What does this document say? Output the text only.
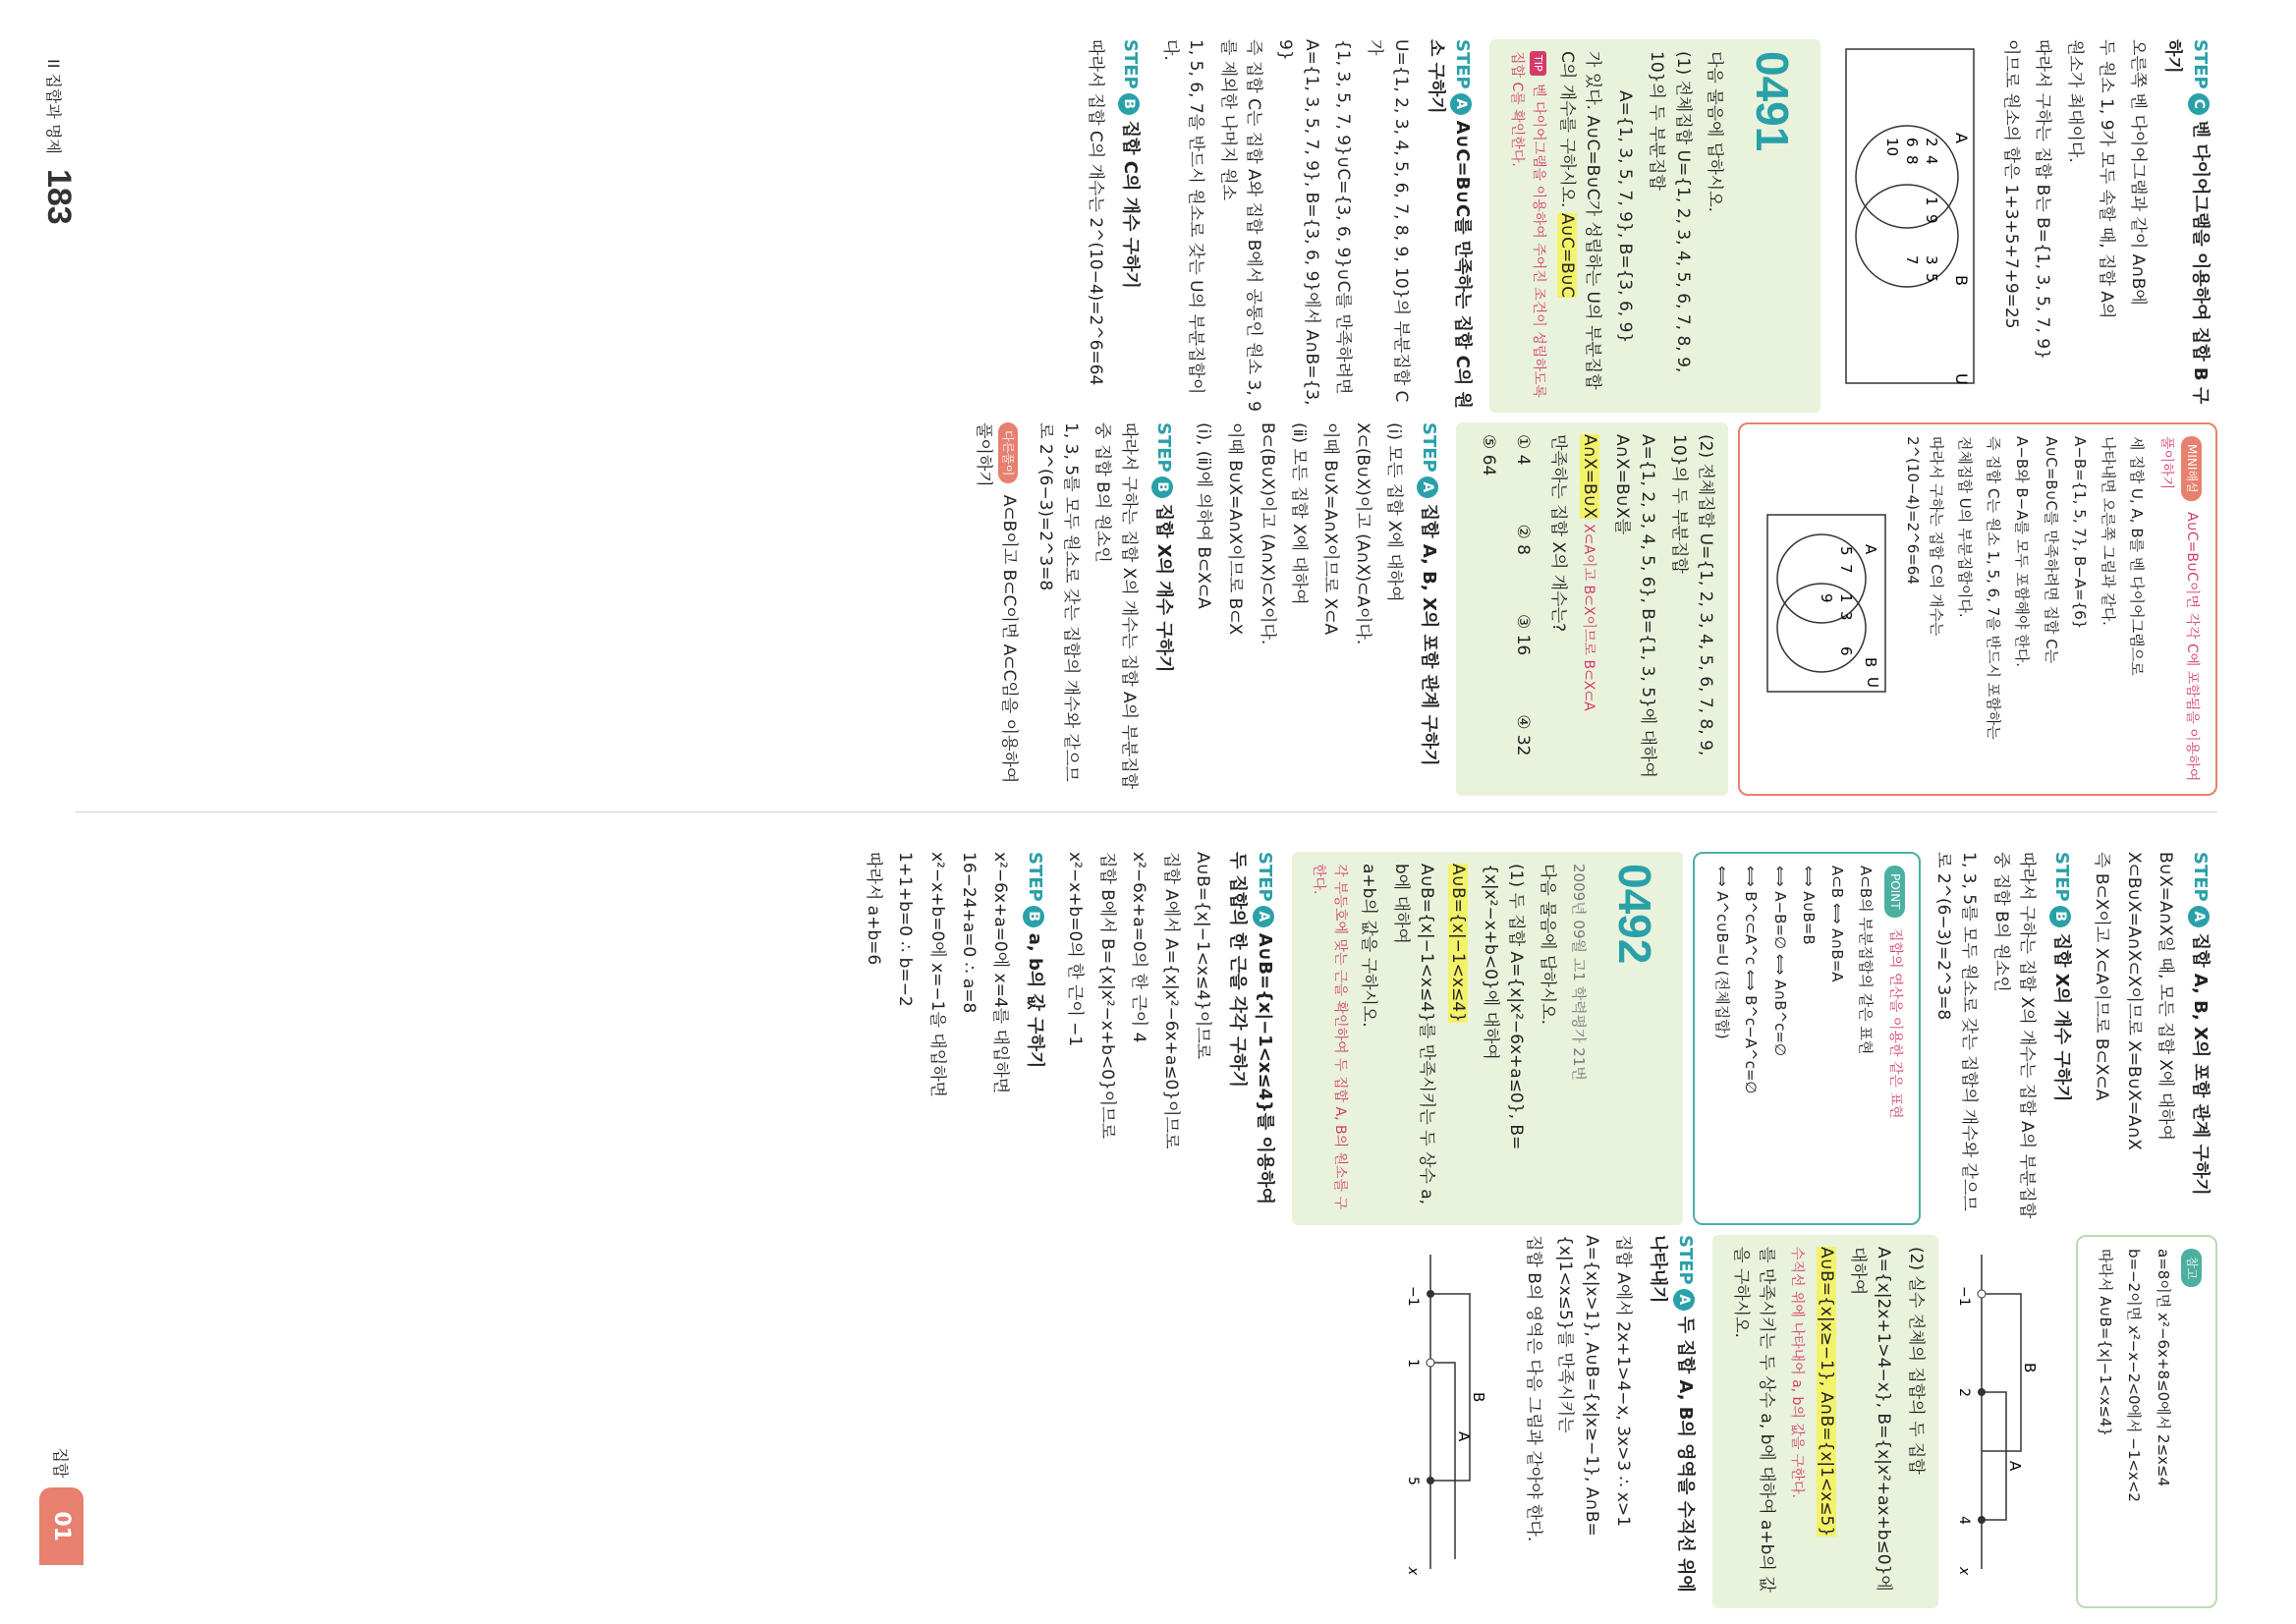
STEPC벤 다이어그램을 이용하여 집합 B 구하기
오른쪽 벤 다이어그램과 같이 A∩B에
두 원소 1, 9가 모두 속할 때, 집합 A의
원소가 최대이다.
따라서 구하는 집합 B는 B={1, 3, 5, 7, 9}
이므로 원소의 합은 1+3+5+7+9=25
U
A
B
2
4
6
8
10
1
9
3
5
7
0491
다음 물음에 답하시오.
(1) 전체집합 U={1, 2, 3, 4, 5, 6, 7, 8, 9, 10}의 두 부분집합
A={1, 3, 5, 7, 9}, B={3, 6, 9}
가 있다. A∪C=B∪C가 성립하는 U의 부분집합 C의 개수를 구하시오. A∪C=B∪C
TIP 벤 다이어그램을 이용하여 주어진 조건이 성립하도록 집합 C를 확인한다.
STEPAA∪C=B∪C를 만족하는 집합 C의 원소 구하기
U={1, 2, 3, 4, 5, 6, 7, 8, 9, 10}의 부분집합 C가
{1, 3, 5, 7, 9}∪C={3, 6, 9}∪C를 만족하려면
A={1, 3, 5, 7, 9}, B={3, 6, 9}에서 A∩B={3, 9}
즉 집합 C는 집합 A와 집합 B에서 공통인 원소 3, 9를 제외한 나머지 원소
1, 5, 6, 7을 반드시 원소로 갖는 U의 부분집합이다.
STEPB집합 C의 개수 구하기
따라서 집합 C의 개수는 2^(10−4)=2^6=64
MINI해설 A∪C=B∪C이면 각각 C에 포함됨을 이용하여 풀이하기
세 집합 U, A, B를 벤 다이어그램으로
나타내면 오른쪽 그림과 같다.
A−B={1, 5, 7}, B−A={6}
A∪C=B∪C를 만족하려면 집합 C는
A−B와 B−A를 모두 포함해야 한다.
즉 집합 C는 원소 1, 5, 6, 7을 반드시 포함하는
전체집합 U의 부분집합이다.
따라서 구하는 집합 C의 개수는 2^(10−4)=2^6=64
U
A
B
5
7
1
3
9
6
(2) 전체집합 U={1, 2, 3, 4, 5, 6, 7, 8, 9, 10}의 두 부분집합
A={1, 2, 3, 4, 5, 6}, B={1, 3, 5}에 대하여 A∩X=B∪X를
A∩X=B∪X X⊂A이고 B⊂X이므로 B⊂X⊂A
만족하는 집합 X의 개수는?
① 4
② 8
③ 16
④ 32
⑤ 64
STEPA집합 A, B, X의 포함 관계 구하기
(ⅰ) 모든 집합 X에 대하여
X⊂(B∪X)이고 (A∩X)⊂A이다.
이때 B∪X=A∩X이므로 X⊂A
(ⅱ) 모든 집합 X에 대하여
B⊂(B∪X)이고 (A∩X)⊂X이다.
이때 B∪X=A∩X이므로 B⊂X
(ⅰ), (ⅱ)에 의하여 B⊂X⊂A
STEPB집합 X의 개수 구하기
따라서 구하는 집합 X의 개수는 집합 A의 부분집합 중 집합 B의 원소인
1, 3, 5를 모두 원소로 갖는 집합의 개수와 같으므로 2^(6−3)=2^3=8
다른풀이 A⊂B이고 B⊂C이면 A⊂C임을 이용하여 풀이하기
II 집합과 명제 183
STEPA집합 A, B, X의 포함 관계 구하기
B∪X=A∩X일 때, 모든 집합 X에 대하여
X⊂B∪X=A∩X⊂X이므로 X=B∪X=A∩X
즉 B⊂X이고 X⊂A이므로 B⊂X⊂A
STEPB집합 X의 개수 구하기
따라서 구하는 집합 X의 개수는 집합 A의 부분집합 중 집합 B의 원소인
1, 3, 5를 모두 원소로 갖는 집합의 개수와 같으므로 2^(6−3)=2^3=8
POINT 집합의 연산을 이용한 같은 표현
A⊂B의 부분집합의 같은 표현
A⊂B ⟺ A∩B=A
⟺ A∪B=B
⟺ A−B=∅ ⟺ A∩B^c=∅
⟺ B^c⊂A^c ⟺ B^c−A^c=∅
⟺ A^c∪B=U (전체집합)
0492
2009년 09월 고1 학력평가 21번
다음 물음에 답하시오.
(1) 두 집합 A={x|x²−6x+a≤0}, B={x|x²−x+b<0}에 대하여
A∪B={x|−1<x≤4}
A∪B={x|−1<x≤4}를 만족시키는 두 상수 a, b에 대하여
a+b의 값을 구하시오.
각 부등호에 맞는 근을 확인하여 두 집합 A, B의 원소를 구한다.
STEPAA∪B={x|−1<x≤4}를 이용하여 두 집합의 한 근을 각각 구하기
A∪B={x|−1<x≤4}이므로
집합 A에서 A={x|x²−6x+a≤0}이므로
x²−6x+a=0의 한 근이 4
집합 B에서 B={x|x²−x+b<0}이므로
x²−x+b=0의 한 근이 −1
STEPBa, b의 값 구하기
x²−6x+a=0에 x=4를 대입하면
16−24+a=0 ∴ a=8
x²−x+b=0에 x=−1을 대입하면
1+1+b=0 ∴ b=−2
따라서 a+b=6
참고
a=8이면 x²−6x+8≤0에서 2≤x≤4
b=−2이면 x²−x−2<0에서 −1<x<2
따라서 A∪B={x|−1<x≤4}
B
A
−1
2
4
x
(2) 실수 전체의 집합의 두 집합
A={x|2x+1>4−x}, B={x|x²+ax+b≤0}에 대하여
A∪B={x|x≥−1}, A∩B={x|1<x≤5}
수직선 위에 나타내어 a, b의 값을 구한다.
를 만족시키는 두 상수 a, b에 대하여 a+b의 값을 구하시오.
STEPA두 집합 A, B의 영역을 수직선 위에 나타내기
집합 A에서 2x+1>4−x, 3x>3 ∴ x>1
A={x|x>1}, A∪B={x|x≥−1}, A∩B={x|1<x≤5}를 만족시키는
집합 B의 영역은 다음 그림과 같아야 한다.
B
A
−1
1
5
x
집합
01
